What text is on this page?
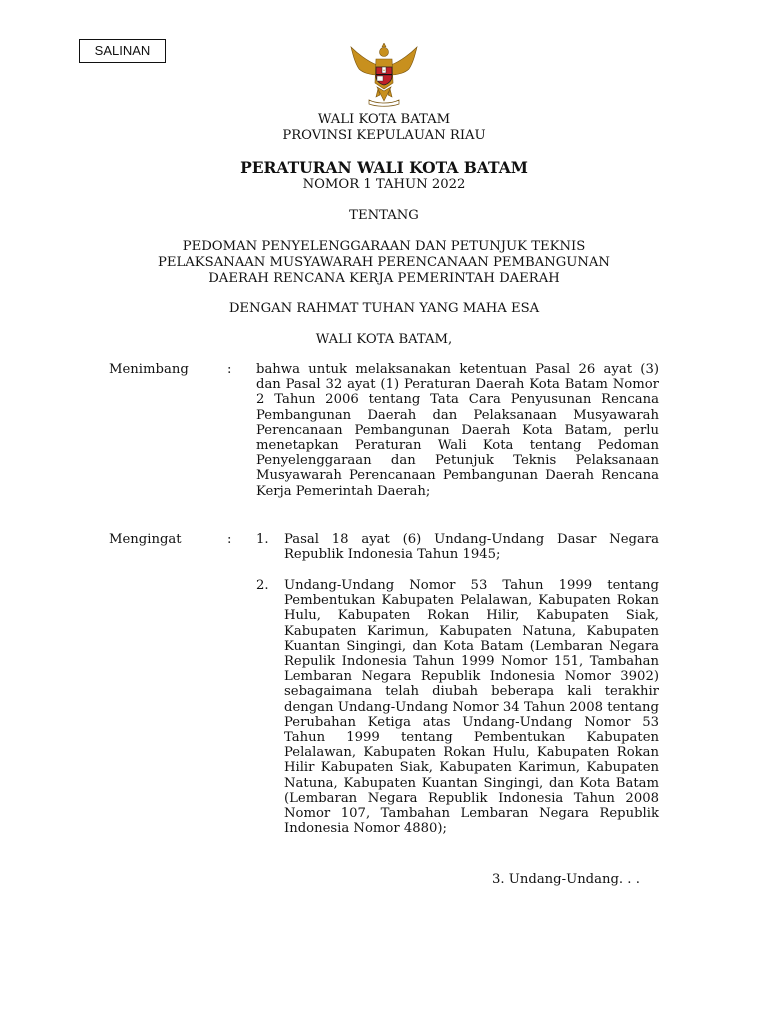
SALINAN
WALI KOTA BATAM
PROVINSI KEPULAUAN RIAU
PERATURAN WALI KOTA BATAM
NOMOR 1 TAHUN 2022
TENTANG
PEDOMAN PENYELENGGARAAN DAN PETUNJUK TEKNIS
PELAKSANAAN MUSYAWARAH PERENCANAAN PEMBANGUNAN
DAERAH RENCANA KERJA PEMERINTAH DAERAH
DENGAN RAHMAT TUHAN YANG MAHA ESA
WALI KOTA BATAM,
Menimbang	: bahwa untuk melaksanakan ketentuan Pasal 26 ayat (3) dan Pasal 32 ayat (1) Peraturan Daerah Kota Batam Nomor 2 Tahun 2006 tentang Tata Cara Penyusunan Rencana Pembangunan Daerah dan Pelaksanaan Musyawarah Perencanaan Pembangunan Daerah Kota Batam, perlu menetapkan Peraturan Wali Kota tentang Pedoman Penyelenggaraan dan Petunjuk Teknis Pelaksanaan Musyawarah Perencanaan Pembangunan Daerah Rencana Kerja Pemerintah Daerah;
Mengingat	: 1. Pasal 18 ayat (6) Undang-Undang Dasar Negara Republik Indonesia Tahun 1945;
2. Undang-Undang Nomor 53 Tahun 1999 tentang Pembentukan Kabupaten Pelalawan, Kabupaten Rokan Hulu, Kabupaten Rokan Hilir, Kabupaten Siak, Kabupaten Karimun, Kabupaten Natuna, Kabupaten Kuantan Singingi, dan Kota Batam (Lembaran Negara Repulik Indonesia Tahun 1999 Nomor 151, Tambahan Lembaran Negara Republik Indonesia Nomor 3902) sebagaimana telah diubah beberapa kali terakhir dengan Undang-Undang Nomor 34 Tahun 2008 tentang Perubahan Ketiga atas Undang-Undang Nomor 53 Tahun 1999 tentang Pembentukan Kabupaten Pelalawan, Kabupaten Rokan Hulu, Kabupaten Rokan Hilir Kabupaten Siak, Kabupaten Karimun, Kabupaten Natuna, Kabupaten Kuantan Singingi, dan Kota Batam (Lembaran Negara Republik Indonesia Tahun 2008 Nomor 107, Tambahan Lembaran Negara Republik Indonesia Nomor 4880);
3. Undang-Undang. . .
